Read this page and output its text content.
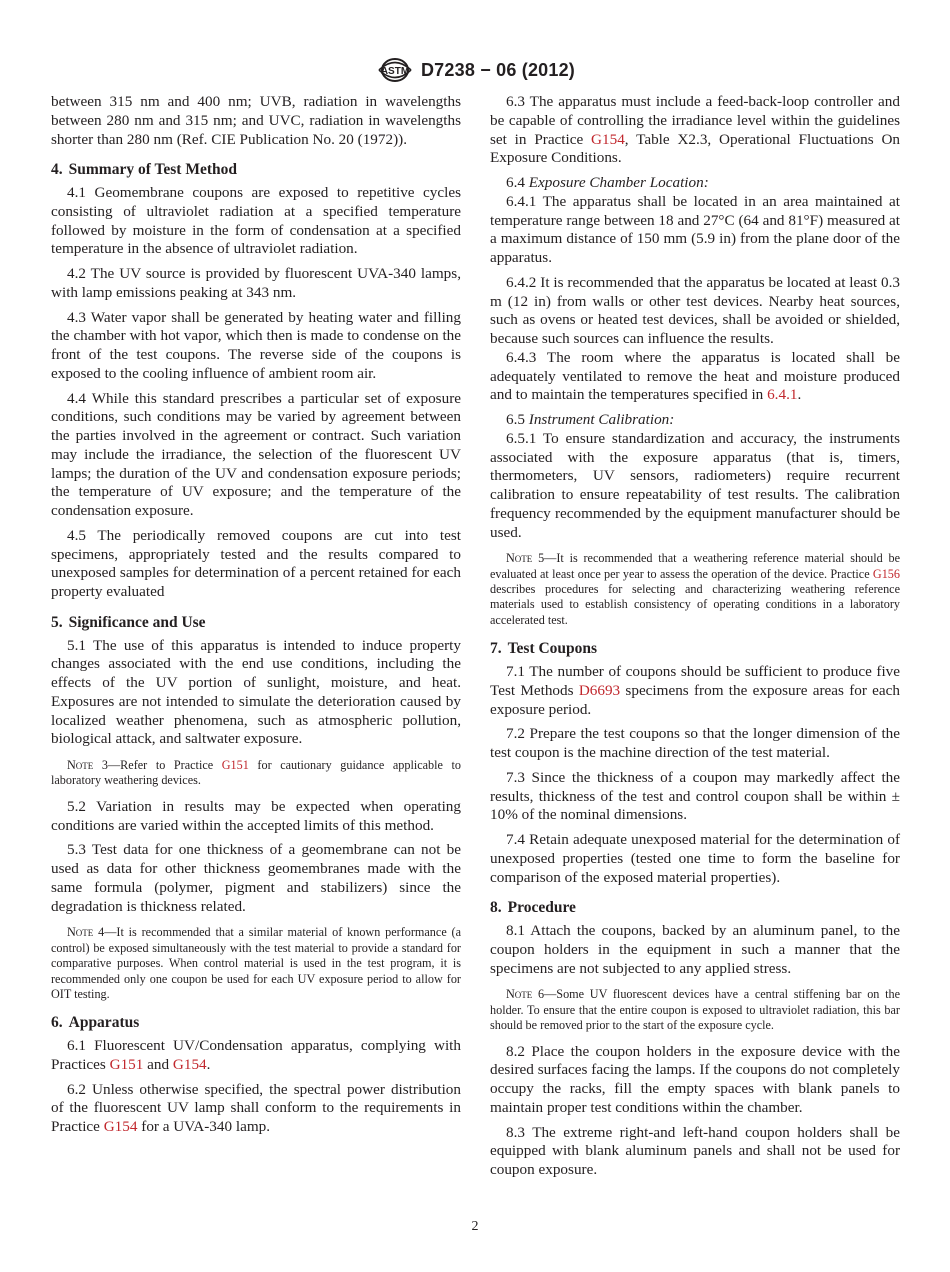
ASTM D7238 − 06 (2012)

between 315 nm and 400 nm; UVB, radiation in wavelengths between 280 nm and 315 nm; and UVC, radiation in wavelengths shorter than 280 nm (Ref. CIE Publication No. 20 (1972)).

4. Summary of Test Method

4.1 Geomembrane coupons are exposed to repetitive cycles consisting of ultraviolet radiation at a specified temperature followed by moisture in the form of condensation at a specified temperature in the absence of ultraviolet radiation.

4.2 The UV source is provided by fluorescent UVA-340 lamps, with lamp emissions peaking at 343 nm.

4.3 Water vapor shall be generated by heating water and filling the chamber with hot vapor, which then is made to condense on the front of the test coupons. The reverse side of the coupons is exposed to the cooling influence of ambient room air.

4.4 While this standard prescribes a particular set of exposure conditions, such conditions may be varied by agreement between the parties involved in the agreement or contract. Such variation may include the irradiance, the selection of the fluorescent UV lamps; the duration of the UV and condensation exposure periods; the temperature of UV exposure; and the temperature of the condensation exposure.

4.5 The periodically removed coupons are cut into test specimens, appropriately tested and the results compared to unexposed samples for determination of a percent retained for each property evaluated

5. Significance and Use

5.1 The use of this apparatus is intended to induce property changes associated with the end use conditions, including the effects of the UV portion of sunlight, moisture, and heat. Exposures are not intended to simulate the deterioration caused by localized weather phenomena, such as atmospheric pollution, biological attack, and saltwater exposure.

Note 3—Refer to Practice G151 for cautionary guidance applicable to laboratory weathering devices.

5.2 Variation in results may be expected when operating conditions are varied within the accepted limits of this method.

5.3 Test data for one thickness of a geomembrane can not be used as data for other thickness geomembranes made with the same formula (polymer, pigment and stabilizers) since the degradation is thickness related.

Note 4—It is recommended that a similar material of known performance (a control) be exposed simultaneously with the test material to provide a standard for comparative purposes. When control material is used in the test program, it is recommended only one coupon be used for each UV exposure period to allow for OIT testing.

6. Apparatus

6.1 Fluorescent UV/Condensation apparatus, complying with Practices G151 and G154.

6.2 Unless otherwise specified, the spectral power distribution of the fluorescent UV lamp shall conform to the requirements in Practice G154 for a UVA-340 lamp.

6.3 The apparatus must include a feed-back-loop controller and be capable of controlling the irradiance level within the guidelines set in Practice G154, Table X2.3, Operational Fluctuations On Exposure Conditions.

6.4 Exposure Chamber Location:

6.4.1 The apparatus shall be located in an area maintained at temperature range between 18 and 27°C (64 and 81°F) measured at a maximum distance of 150 mm (5.9 in) from the plane door of the apparatus.

6.4.2 It is recommended that the apparatus be located at least 0.3 m (12 in) from walls or other test devices. Nearby heat sources, such as ovens or heated test devices, shall be avoided or shielded, because such sources can influence the results.

6.4.3 The room where the apparatus is located shall be adequately ventilated to remove the heat and moisture produced and to maintain the temperatures specified in 6.4.1.

6.5 Instrument Calibration:

6.5.1 To ensure standardization and accuracy, the instruments associated with the exposure apparatus (that is, timers, thermometers, UV sensors, radiometers) require recurrent calibration to ensure repeatability of test results. The calibration frequency recommended by the equipment manufacturer should be used.

Note 5—It is recommended that a weathering reference material should be evaluated at least once per year to assess the operation of the device. Practice G156 describes procedures for selecting and characterizing weathering reference materials used to establish consistency of operating conditions in a laboratory accelerated test.

7. Test Coupons

7.1 The number of coupons should be sufficient to produce five Test Methods D6693 specimens from the exposure areas for each exposure period.

7.2 Prepare the test coupons so that the longer dimension of the test coupon is the machine direction of the test material.

7.3 Since the thickness of a coupon may markedly affect the results, thickness of the test and control coupon shall be within ± 10% of the nominal dimensions.

7.4 Retain adequate unexposed material for the determination of unexposed properties (tested one time to form the baseline for comparison of the exposed material properties).

8. Procedure

8.1 Attach the coupons, backed by an aluminum panel, to the coupon holders in the equipment in such a manner that the specimens are not subjected to any applied stress.

Note 6—Some UV fluorescent devices have a central stiffening bar on the holder. To ensure that the entire coupon is exposed to ultraviolet radiation, this bar should be removed prior to the start of the exposure cycle.

8.2 Place the coupon holders in the exposure device with the desired surfaces facing the lamps. If the coupons do not completely occupy the racks, fill the empty spaces with blank panels to maintain proper test conditions within the chamber.

8.3 The extreme right-and left-hand coupon holders shall be equipped with blank aluminum panels and shall not be used for coupon exposure.

2
